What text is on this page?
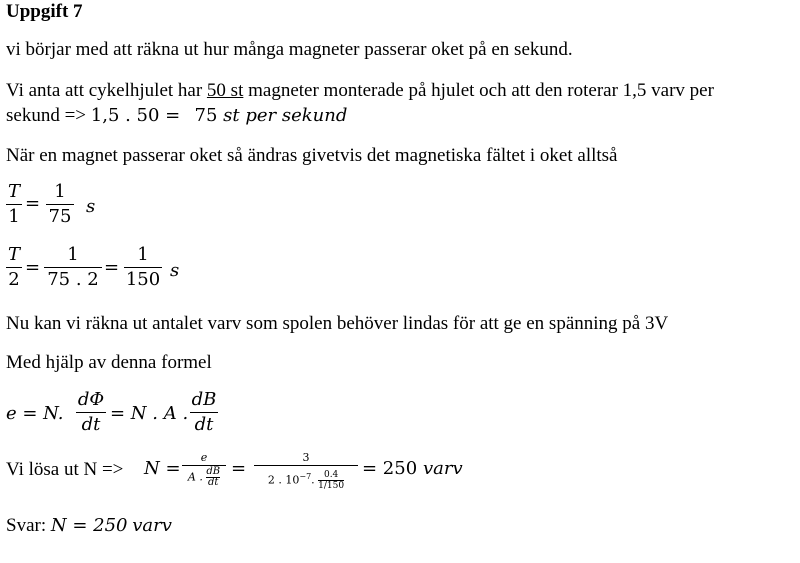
Uppgift 7
vi börjar med att räkna ut hur många magneter passerar oket på en sekund.
Vi anta att cykelhjulet har 50 st magneter monterade på hjulet och att den roterar 1,5 varv per
sekund => 1,5 . 50 = 75 st per sekund
När en magnet passerar oket så ändras givetvis det magnetiska fältet i oket alltså
T
1
=
1
75 s
T
2
=
1
75 . 2
=
1
150 s
Nu kan vi räkna ut antalet varv som spolen behöver lindas för att ge en spänning på 3V
Med hjälp av denna formel
e = N.
dΦ
dt
= N . A .
dB
dt
Vi lösa ut N => N =
e
A . $\frac{dB}{dt}$ =
3
2 . $10^{-7}$. $\frac{0.4}{1/150}$
= 250 varv
Svar: N = 250 varv
